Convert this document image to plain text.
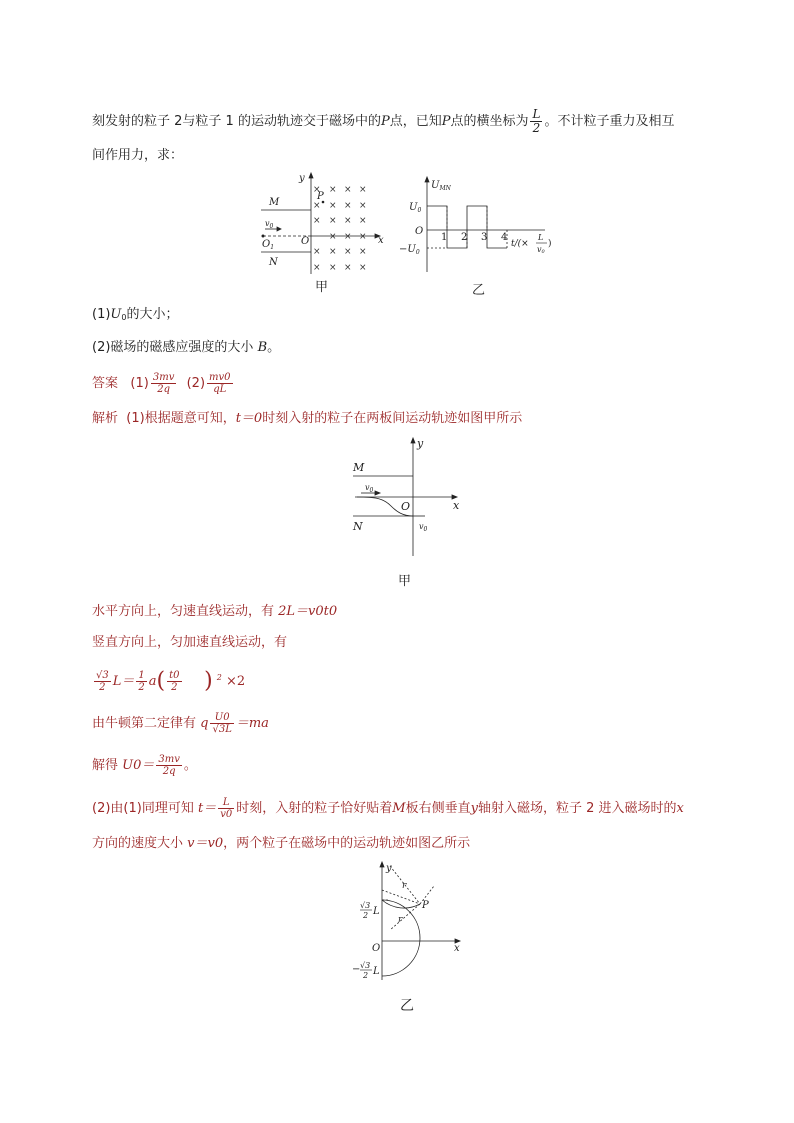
刻发射的粒子 2与粒子 1 的运动轨迹交于磁场中的P点，已知P点的横坐标为 $\frac{L}{2}$ 。不计粒子重力及相互
间作用力，求：
y
x
M
N
P
O
$O_1$
$v_0$
×
× × × ×
× × ×
× × × ×
× × ×
× × × ×
× × × ×
甲
$U_{MN}$
$U_0$
O
$-U_0$
1 2 3 4
t/(×
L
v0
)
乙
$(1)U_0$的大小；
(2)磁场的磁感应强度的大小 B。
答案 $(1) \frac{3mv}{2q} (2) \frac{mv0}{qL}$
解析 (1)根据题意可知，t＝0时刻入射的粒子在两板间运动轨迹如图甲所示
y
x
M
N
O
$v_0$
$v_0$
甲
水平方向上，匀速直线运动，有 2L＝v0t0
竖直方向上，匀加速直线运动，有
$\frac{√3}{2} L= \frac{1}{2} a( \frac{t0}{2}$ ) $^2$ ×2
由牛顿第二定律有 q $\frac{U0}{√3L} =ma$
解得 $U0= \frac{3mv}{2q}$ 。
(2)由(1)同理可知 $t= \frac{L}{v0}$ 时刻，入射的粒子恰好贴着M板右侧垂直y轴射入磁场，粒子 2 进入磁场时的x
方向的速度大小 v＝v0，两个粒子在磁场中的运动轨迹如图乙所示
y
x
O
P
r
r
√3
2 L
− √3
2 L
乙
